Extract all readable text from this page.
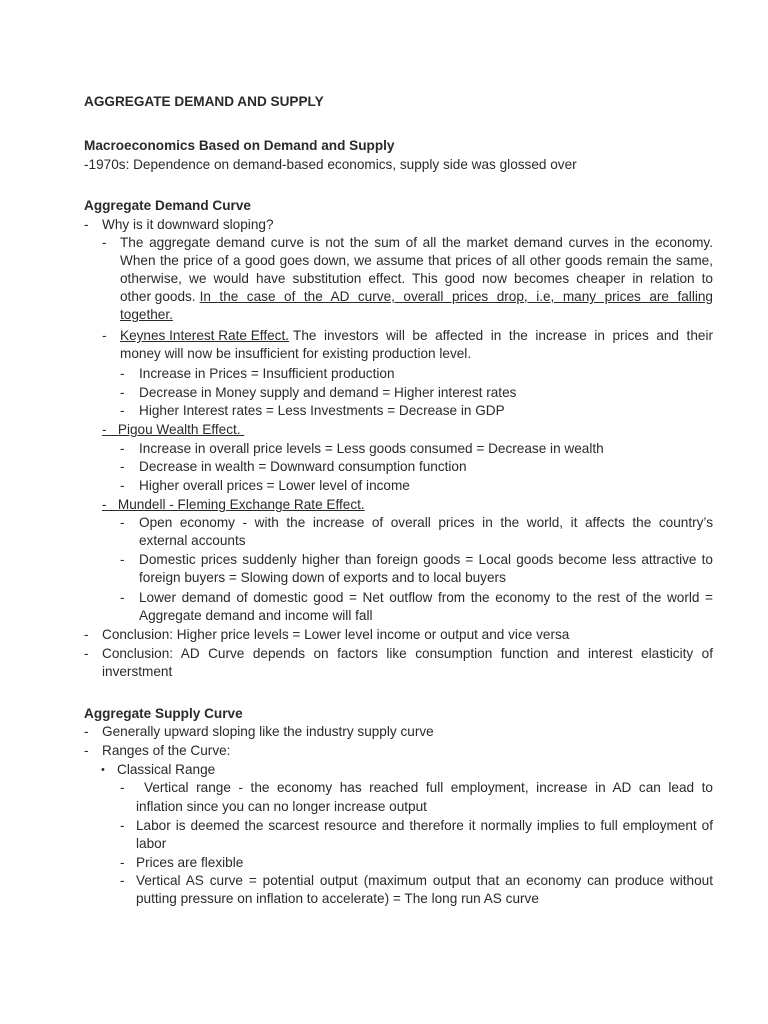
AGGREGATE DEMAND AND SUPPLY
Macroeconomics Based on Demand and Supply
-1970s: Dependence on demand-based economics, supply side was glossed over
Aggregate Demand Curve
- Why is it downward sloping?
- The aggregate demand curve is not the sum of all the market demand curves in the economy.
When the price of a good goes down, we assume that prices of all other goods remain the same,
otherwise, we would have substitution effect. This good now becomes cheaper in relation to
other goods. In the case of the AD curve, overall prices drop, i.e, many prices are falling
together.
- Keynes Interest Rate Effect. The investors will be affected in the increase in prices and their
money will now be insufficient for existing production level.
- Increase in Prices = Insufficient production
- Decrease in Money supply and demand = Higher interest rates
- Higher Interest rates = Less Investments = Decrease in GDP
- Pigou Wealth Effect.
- Increase in overall price levels = Less goods consumed = Decrease in wealth
- Decrease in wealth = Downward consumption function
- Higher overall prices = Lower level of income
- Mundell - Fleming Exchange Rate Effect.
- Open economy - with the increase of overall prices in the world, it affects the country’s
external accounts
- Domestic prices suddenly higher than foreign goods = Local goods become less attractive to
foreign buyers = Slowing down of exports and to local buyers
- Lower demand of domestic good = Net outflow from the economy to the rest of the world =
Aggregate demand and income will fall
- Conclusion: Higher price levels = Lower level income or output and vice versa
- Conclusion: AD Curve depends on factors like consumption function and interest elasticity of
inverstment
Aggregate Supply Curve
- Generally upward sloping like the industry supply curve
- Ranges of the Curve:
• Classical Range
- Vertical range - the economy has reached full employment, increase in AD can lead to
inflation since you can no longer increase output
- Labor is deemed the scarcest resource and therefore it normally implies to full employment of
labor
- Prices are flexible
- Vertical AS curve = potential output (maximum output that an economy can produce without
putting pressure on inflation to accelerate) = The long run AS curve
